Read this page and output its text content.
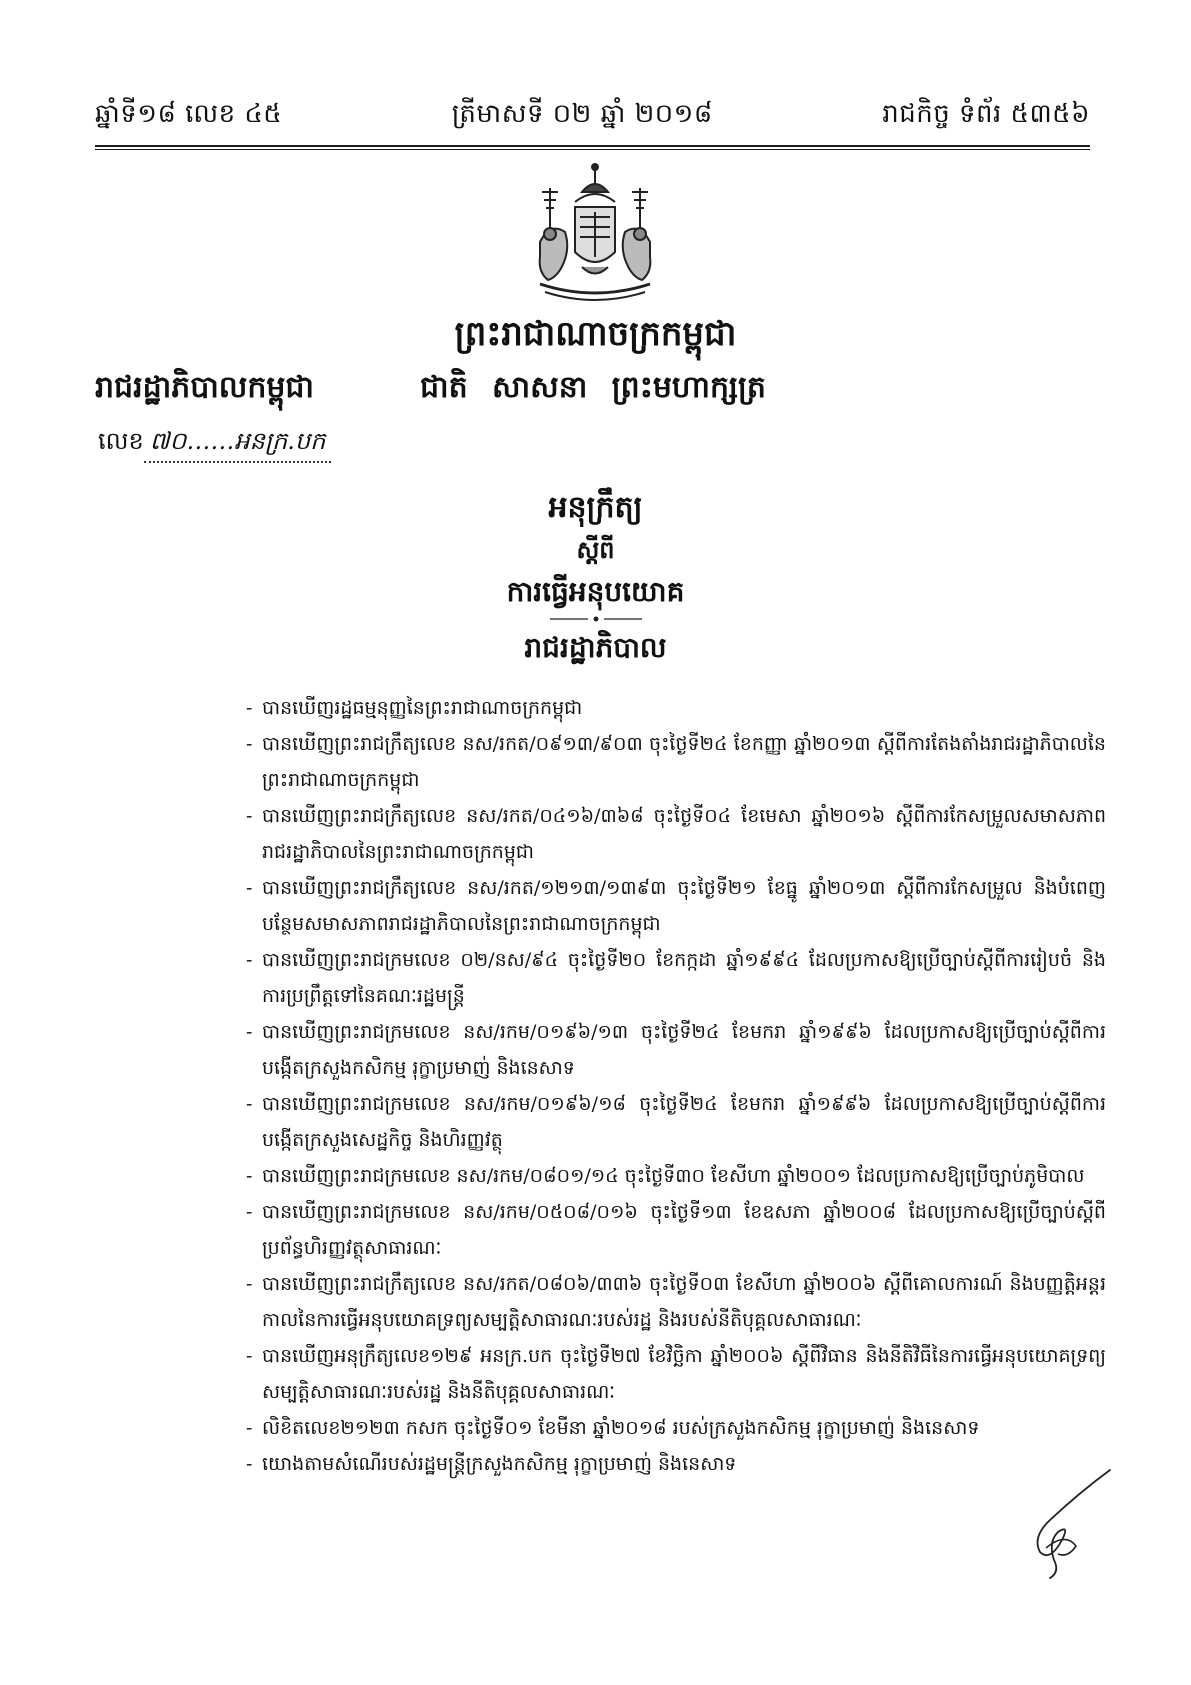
ឆ្នាំទី១៨ លេខ ៤៥	ត្រីមាសទី ០២ ឆ្នាំ ២០១៨	រាជកិច្ច ទំព័រ ៥៣៥៦
ព្រះរាជាណាចក្រកម្ពុជា
រាជរដ្ឋាភិបាលកម្ពុជា	ជាតិ សាសនា ព្រះមហាក្សត្រ
លេខ ៧០……អនក្រ.បក
អនុក្រឹត្យ
ស្តីពី
ការធ្វើអនុបយោគ
រាជរដ្ឋាភិបាល
- បានឃើញរដ្ឋធម្មនុញ្ញនៃព្រះរាជាណាចក្រកម្ពុជា
- បានឃើញព្រះរាជក្រឹត្យលេខ នស/រកត/០៩១៣/៩០៣ ចុះថ្ងៃទី២៤ ខែកញ្ញា ឆ្នាំ២០១៣ ស្តីពីការតែងតាំងរាជរដ្ឋាភិបាលនៃព្រះរាជាណាចក្រកម្ពុជា
- បានឃើញព្រះរាជក្រឹត្យលេខ នស/រកត/០៤១៦/៣៦៨ ចុះថ្ងៃទី០៤ ខែមេសា ឆ្នាំ២០១៦ ស្តីពីការកែសម្រួលសមាសភាពរាជរដ្ឋាភិបាលនៃព្រះរាជាណាចក្រកម្ពុជា
- បានឃើញព្រះរាជក្រឹត្យលេខ នស/រកត/១២១៣/១៣៩៣ ចុះថ្ងៃទី២១ ខែធ្នូ ឆ្នាំ២០១៣ ស្តីពីការកែសម្រួល និងបំពេញបន្ថែមសមាសភាពរាជរដ្ឋាភិបាលនៃព្រះរាជាណាចក្រកម្ពុជា
- បានឃើញព្រះរាជក្រមលេខ ០២/នស/៩៤ ចុះថ្ងៃទី២០ ខែកក្កដា ឆ្នាំ១៩៩៤ ដែលប្រកាសឱ្យប្រើច្បាប់ស្តីពីការរៀបចំ និងការប្រព្រឹត្តទៅនៃគណៈរដ្ឋមន្ត្រី
- បានឃើញព្រះរាជក្រមលេខ នស/រកម/០១៩៦/១៣ ចុះថ្ងៃទី២៤ ខែមករា ឆ្នាំ១៩៩៦ ដែលប្រកាសឱ្យប្រើច្បាប់ស្តីពីការបង្កើតក្រសួងកសិកម្ម រុក្ខាប្រមាញ់ និងនេសាទ
- បានឃើញព្រះរាជក្រមលេខ នស/រកម/០១៩៦/១៨ ចុះថ្ងៃទី២៤ ខែមករា ឆ្នាំ១៩៩៦ ដែលប្រកាសឱ្យប្រើច្បាប់ស្តីពីការបង្កើតក្រសួងសេដ្ឋកិច្ច និងហិរញ្ញវត្ថុ
- បានឃើញព្រះរាជក្រមលេខ នស/រកម/០៨០១/១៤ ចុះថ្ងៃទី៣០ ខែសីហា ឆ្នាំ២០០១ ដែលប្រកាសឱ្យប្រើច្បាប់ភូមិបាល
- បានឃើញព្រះរាជក្រមលេខ នស/រកម/០៥០៨/០១៦ ចុះថ្ងៃទី១៣ ខែឧសភា ឆ្នាំ២០០៨ ដែលប្រកាសឱ្យប្រើច្បាប់ស្តីពីប្រព័ន្ធហិរញ្ញវត្ថុសាធារណៈ
- បានឃើញព្រះរាជក្រឹត្យលេខ នស/រកត/០៨០៦/៣៣៦ ចុះថ្ងៃទី០៣ ខែសីហា ឆ្នាំ២០០៦ ស្តីពីគោលការណ៍ និងបញ្ញត្តិអន្តរកាលនៃការធ្វើអនុបយោគទ្រព្យសម្បត្តិសាធារណៈរបស់រដ្ឋ និងរបស់នីតិបុគ្គលសាធារណៈ
- បានឃើញអនុក្រឹត្យលេខ១២៩ អនក្រ.បក ចុះថ្ងៃទី២៧ ខែវិច្ឆិកា ឆ្នាំ២០០៦ ស្តីពីវិធាន និងនីតិវិធីនៃការធ្វើអនុបយោគទ្រព្យសម្បត្តិសាធារណៈរបស់រដ្ឋ និងនីតិបុគ្គលសាធារណៈ
- លិខិតលេខ២១២៣ កសក ចុះថ្ងៃទី០១ ខែមីនា ឆ្នាំ២០១៨ របស់ក្រសួងកសិកម្ម រុក្ខាប្រមាញ់ និងនេសាទ
- យោងតាមសំណើរបស់រដ្ឋមន្ត្រីក្រសួងកសិកម្ម រុក្ខាប្រមាញ់ និងនេសាទ
